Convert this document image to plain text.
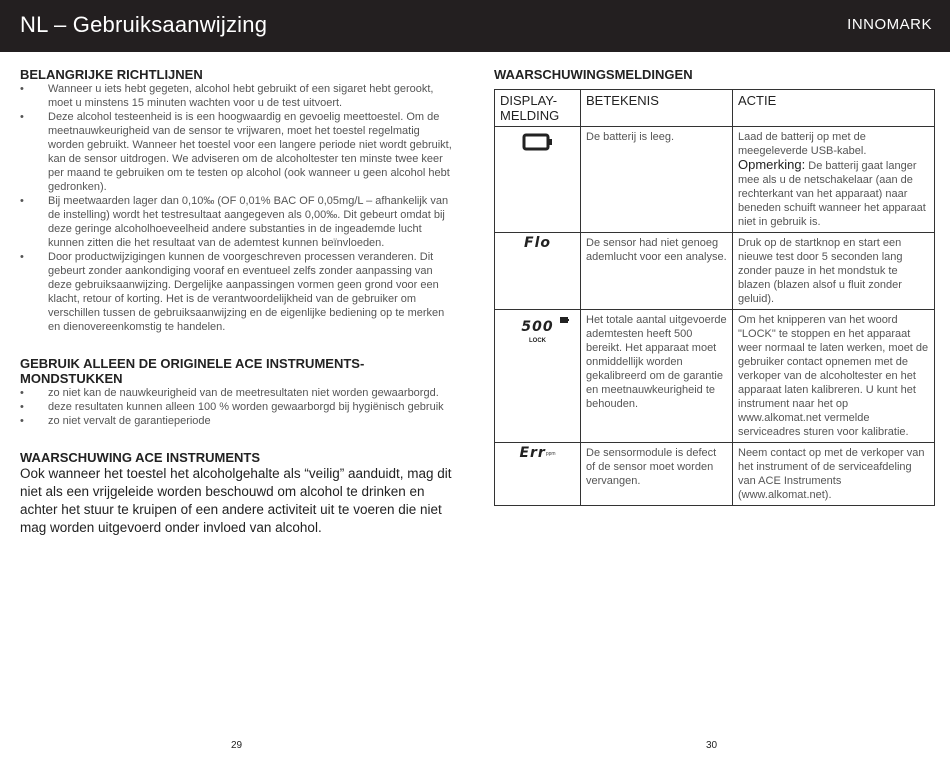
NL – Gebruiksaanwijzing	INNOMARK
BELANGRIJKE RICHTLIJNEN
• Wanneer u iets hebt gegeten, alcohol hebt gebruikt of een sigaret hebt gerookt, moet u minstens 15 minuten wachten voor u de test uitvoert.
• Deze alcohol testeenheid is is een hoogwaardig en gevoelig meettoestel. Om de meetnauwkeurigheid van de sensor te vrijwaren, moet het toestel regelmatig worden gebruikt. Wanneer het toestel voor een langere periode niet wordt gebruikt, kan de sensor uitdrogen. We adviseren om de alcoholtester ten minste twee keer per maand te gebruiken om te testen op alcohol (ook wanneer u geen alcohol hebt gedronken).
• Bij meetwaarden lager dan 0,10‰ (OF 0,01% BAC OF 0,05mg/L – afhankelijk van de instelling) wordt het testresultaat aangegeven als 0,00‰. Dit gebeurt omdat bij deze geringe alcoholhoeveelheid andere substanties in de ingeademde lucht kunnen zitten die het resultaat van de ademtest kunnen beïnvloeden.
• Door productwijzigingen kunnen de voorgeschreven processen veranderen. Dit gebeurt zonder aankondiging vooraf en eventueel zelfs zonder aanpassing van deze gebruiksaanwijzing. Dergelijke aanpassingen vormen geen grond voor een klacht, retour of korting. Het is de verantwoordelijkheid van de gebruiker om verschillen tussen de gebruiksaanwijzing en de eigenlijke bediening op te merken en dienovereenkomstig te handelen.
GEBRUIK ALLEEN DE ORIGINELE ACE INSTRUMENTS-MONDSTUKKEN
• zo niet kan de nauwkeurigheid van de meetresultaten niet worden gewaarborgd.
• deze resultaten kunnen alleen 100 % worden gewaarborgd bij hygiënisch gebruik
• zo niet vervalt de garantieperiode
WAARSCHUWING ACE INSTRUMENTS

Ook wanneer het toestel het alcoholgehalte als “veilig” aanduidt, mag dit niet als een vrijgeleide worden beschouwd om alcohol te drinken en achter het stuur te kruipen of een andere activiteit uit te voeren die niet mag worden uitgevoerd onder invloed van alcohol.

WAARSCHUWINGSMELDINGEN
DISPLAY-MELDING	BETEKENIS	ACTIE
	De batterij is leeg.	Laad de batterij op met de meegeleverde USB-kabel.
Opmerking: De batterij gaat langer mee als u de netschakelaar (aan de rechterkant van het apparaat) naar beneden schuift wanneer het apparaat niet in gebruik is.
Flo	De sensor had niet genoeg ademlucht voor een analyse.	Druk op de startknop en start een nieuwe test door 5 seconden lang zonder pauze in het mondstuk te blazen (blazen alsof u fluit zonder geluid).

500
LOCK	Het totale aantal uitgevoerde ademtesten heeft 500 bereikt. Het apparaat moet onmiddellijk worden gekalibreerd om de garantie en meetnauwkeurigheid te behouden.	Om het knipperen van het woord "LOCK" te stoppen en het apparaat weer normaal te laten werken, moet de gebruiker contact opnemen met de verkoper van de alcoholtester en het apparaat laten kalibreren. U kunt het instrument naar het op www.alkomat.net vermelde serviceadres sturen voor kalibratie.
Errppm	De sensormodule is defect of de sensor moet worden vervangen.	Neem contact op met de verkoper van het instrument of de serviceafdeling van ACE Instruments (www.alkomat.net).
29	30
